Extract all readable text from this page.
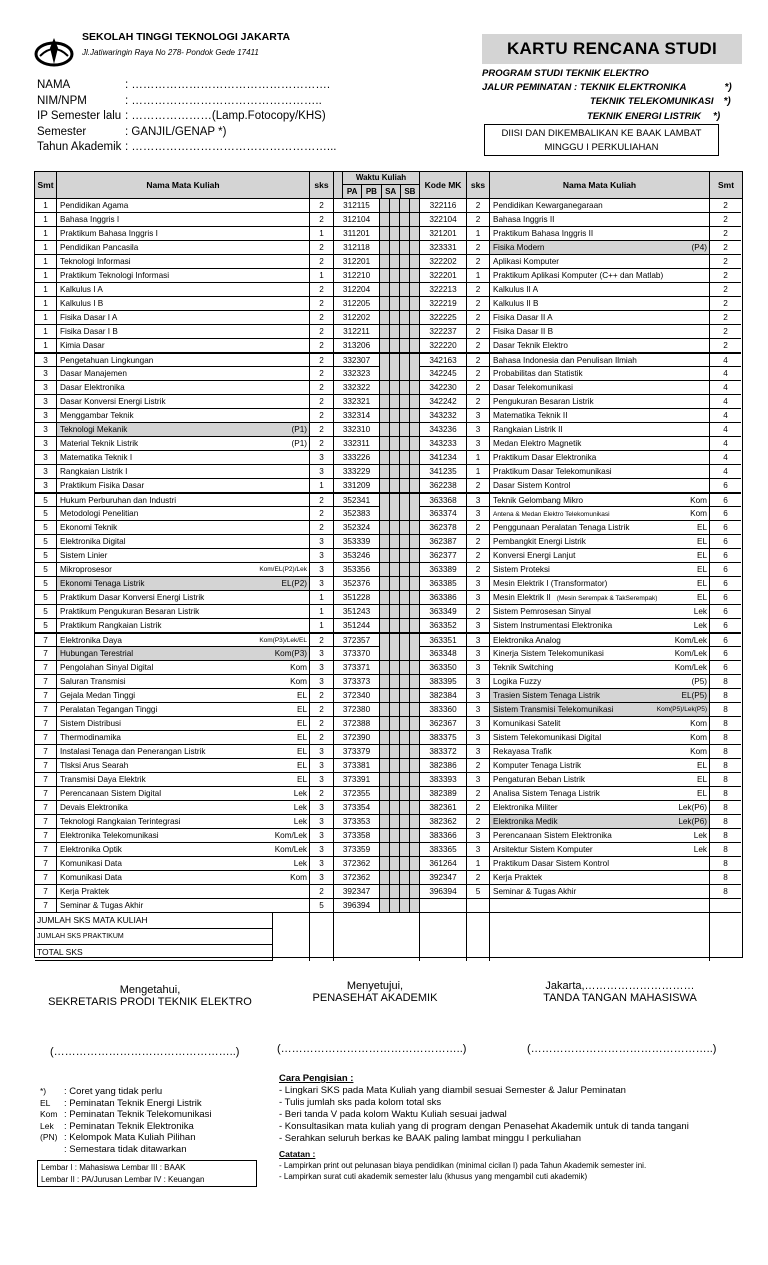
SEKOLAH TINGGI TEKNOLOGI JAKARTA
Jl.Jatiwaringin Raya No 278- Pondok Gede 17411	KARTU RENCANA STUDI
PROGRAM STUDI TEKNIK ELEKTRO
JALUR PEMINATAN : TEKNIK ELEKTRONIKA	*)
TEKNIK TELEKOMUNIKASI *)
TEKNIK ENERGI LISTRIK *)
DIISI DAN DIKEMBALIKAN KE BAAK LAMBAT MINGGU I PERKULIAHAN
NAMA	: …………………………………………….
NIM/NPM	: …………………………………………..
IP Semester lalu : …………………(Lamp.Fotocopy/KHS)
Semester	: GANJIL/GENAP *)
Tahun Akademik : ……………………………………………...
Smt	Nama Mata Kuliah	sks
Waktu Kuliah
PA	PB	SA	SB
Kode MK	sks	Nama Mata Kuliah	Smt
1	Pendidikan Agama	2	312115	322116	2	Pendidikan Kewarganegaraan	2
1	Bahasa Inggris I	2	312104	322104	2	Bahasa Inggris II	2
1	Praktikum Bahasa Inggris I	1	311201	321201	1	Praktikum Bahasa Inggris II	2
1	Pendidikan Pancasila	2	312118	323331	2	Fisika Modern	(P4)	2
1	Teknologi Informasi	2	312201	322202	2	Aplikasi Komputer	2
1	Praktikum Teknologi Informasi	1	312210	322201	1	Praktikum Aplikasi Komputer (C++ dan Matlab)	2
1	Kalkulus I A	2	312204	322213	2	Kalkulus II A	2
1	Kalkulus I B	2	312205	322219	2	Kalkulus II B	2
1	Fisika Dasar I A	2	312202	322225	2	Fisika Dasar II A	2
1	Fisika Dasar I B	2	312211	322237	2	Fisika Dasar II B	2
1	Kimia Dasar	2	313206	322220	2	Dasar Teknik Elektro	2
3	Pengetahuan Lingkungan	2	332307	342163	2	Bahasa Indonesia dan Penulisan Ilmiah	4
3	Dasar Manajemen	2	332323	342245	2	Probabilitas dan Statistik	4
3	Dasar Elektronika	2	332322	342230	2	Dasar Telekomunikasi	4
3	Dasar Konversi Energi Listrik	2	332321	342242	2	Pengukuran Besaran Listrik	4
3	Menggambar Teknik	2	332314	343232	3	Matematika Teknik II	4
3	Teknologi Mekanik	(P1)	2	332310	343236	3	Rangkaian Listrik II	4
3	Material Teknik Listrik	(P1)	2	332311	343233	3	Medan Elektro Magnetik	4
3	Matematika Teknik I	3	333226	341234	1	Praktikum Dasar Elektronika	4
3	Rangkaian Listrik I	3	333229	341235	1	Praktikum Dasar Telekomunikasi	4
3	Praktikum Fisika Dasar	1	331209	362238	2	Dasar Sistem Kontrol	6
5	Hukum Perburuhan dan Industri	2	352341	363368	3	Teknik Gelombang Mikro	Kom	6
5	Metodologi Penelitian	2	352383	363374	3	Antena & Medan Elektro Telekomunikasi	Kom	6
5	Ekonomi Teknik	2	352324	362378	2	Penggunaan Peralatan Tenaga Listrik	EL	6
5	Elektronika Digital	3	353339	362387	2	Pembangkit Energi Listrik	EL	6
5	Sistem Linier	3	353246	362377	2	Konversi Energi Lanjut	EL	6
5	Mikroprosesor	Kom/EL(P2)/Lek	3	353356	363389	2	Sistem Proteksi	EL	6
5	Ekonomi Tenaga Listrik	EL(P2)	3	352376	363385	3	Mesin Elektrik I (Transformator)	EL	6
5	Praktikum Dasar Konversi Energi Listrik	1	351228	363386	3	Mesin Elektrik II (Mesin Serempak & TakSerempak)	EL	6
5	Praktikum Pengukuran Besaran Listrik	1	351243	363349	2	Sistem Pemrosesan Sinyal	Lek	6
5	Praktikum Rangkaian Listrik	1	351244	363352	3	Sistem Instrumentasi Elektronika	Lek	6
7	Elektronika Daya	Kom(P3)/Lek/EL	2	372357	363351	3	Elektronika Analog	Kom/Lek	6
7	Hubungan Terestrial	Kom(P3)	3	373370	363348	3	Kinerja Sistem Telekomunikasi	Kom/Lek	6
7	Pengolahan Sinyal Digital	Kom	3	373371	363350	3	Teknik Switching	Kom/Lek	6
7	Saluran Transmisi	Kom	3	373373	383395	3	Logika Fuzzy	(P5)	8
7	Gejala Medan Tinggi	EL	2	372340	382384	3	Trasien Sistem Tenaga Listrik	EL(P5)	8
7	Peralatan Tegangan Tinggi	EL	2	372380	383360	3	Sistem Transmisi Telekomunikasi	Kom(P5)/Lek(P5)	8
7	Sistem Distribusi	EL	2	372388	362367	3	Komunikasi Satelit	Kom	8
7	Thermodinamika	EL	2	372390	383375	3	Sistem Telekomunikasi Digital	Kom	8
7	Instalasi Tenaga dan Penerangan Listrik	EL	3	373379	383372	3	Rekayasa Trafik	Kom	8
7	Tlsksi Arus Searah	EL	3	373381	382386	2	Komputer Tenaga Listrik	EL	8
7	Transmisi Daya Elektrik	EL	3	373391	383393	3	Pengaturan Beban Listrik	EL	8
7	Perencanaan Sistem Digital	Lek	2	372355	382389	2	Analisa Sistem Tenaga Listrik	EL	8
7	Devais Elektronika	Lek	3	373354	382361	2	Elektronika Militer	Lek(P6)	8
7	Teknologi Rangkaian Terintegrasi	Lek	3	373353	382362	2	Elektronika Medik	Lek(P6)	8
7	Elektronika Telekomunikasi	Kom/Lek	3	373358	383366	3	Perencanaan Sistem Elektronika	Lek	8
7	Elektronika Optik	Kom/Lek	3	373359	383365	3	Arsitektur Sistem Komputer	Lek	8
7	Komunikasi Data	Lek	3	372362	361264	1	Praktikum Dasar Sistem Kontrol	8
7	Komunikasi Data	Kom	3	372362	392347	2	Kerja Praktek	8
7	Kerja Praktek	2	392347	396394	5	Seminar & Tugas Akhir	8
7	Seminar & Tugas Akhir	5	396394
JUMLAH SKS MATA KULIAH
JUMLAH SKS PRAKTIKUM
TOTAL SKS
Mengetahui,
SEKRETARIS PRODI TEKNIK ELEKTRO
Menyetujui,
PENASEHAT AKADEMIK
Jakarta,…………………………
TANDA TANGAN MAHASISWA
(…………………………………………..)	(…………………………………………..)	(…………………………………………..)
*)	: Coret yang tidak perlu
EL	: Peminatan Teknik Energi Listrik
Kom : Peminatan Teknik Telekomunikasi
Lek	: Peminatan Teknik Elektronika
(PN) : Kelompok Mata Kuliah Pilihan
: Semestara tidak ditawarkan
Lembar I : Mahasiswa Lembar III : BAAK
Lembar II : PA/Jurusan Lembar IV : Keuangan
Cara Pengisian :
- Lingkari SKS pada Mata Kuliah yang diambil sesuai Semester & Jalur Peminatan
- Tulis jumlah sks pada kolom total sks
- Beri tanda V pada kolom Waktu Kuliah sesuai jadwal
- Konsultasikan mata kuliah yang di program dengan Penasehat Akademik untuk di tanda tangani
- Serahkan seluruh berkas ke BAAK paling lambat minggu I perkuliahan
Catatan :
- Lampirkan print out pelunasan biaya pendidikan (minimal cicilan I) pada Tahun Akademik semester ini.
- Lampirkan surat cuti akademik semester lalu (khusus yang mengambil cuti akademik)
